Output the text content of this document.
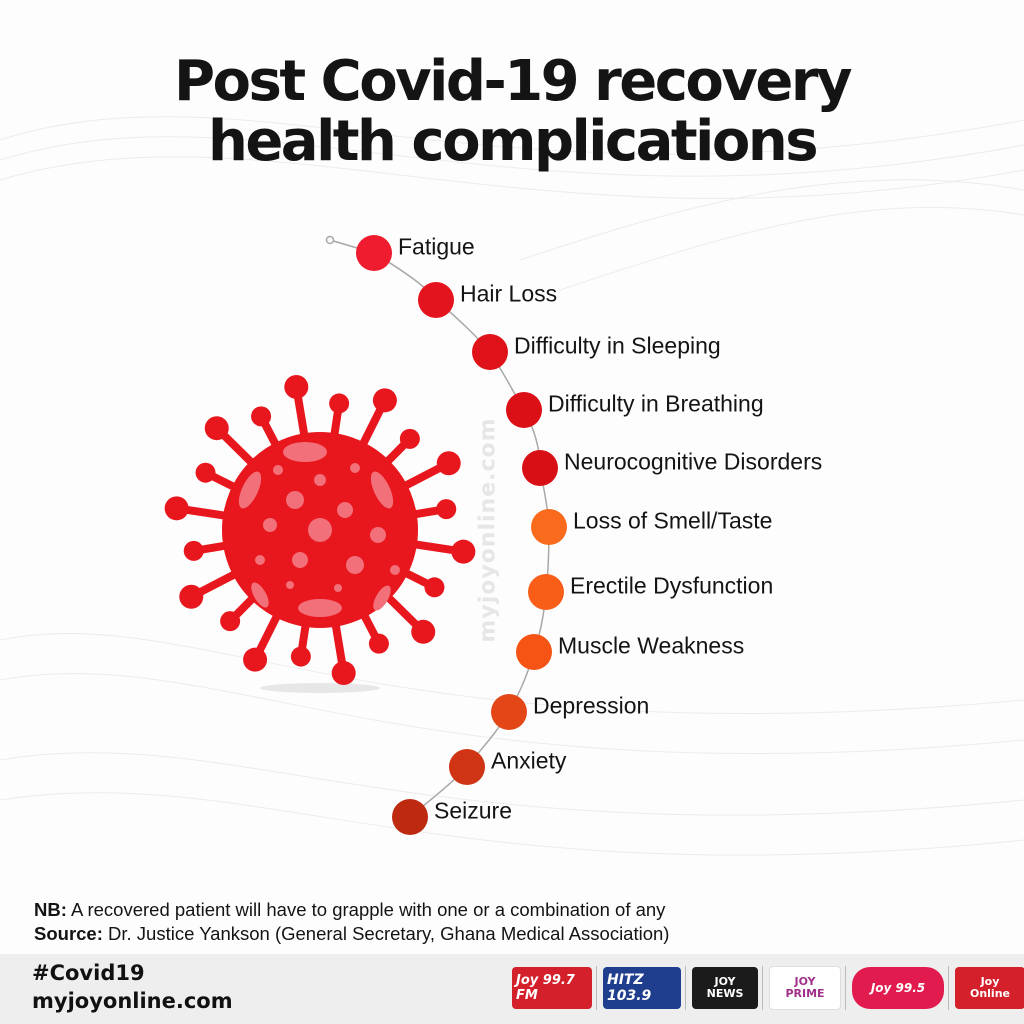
Post Covid-19 recovery
health complications
myjoyonline.com
Fatigue
Hair Loss
Difficulty in Sleeping
Difficulty in Breathing
Neurocognitive Disorders
Loss of Smell/Taste
Erectile Dysfunction
Muscle Weakness
Depression
Anxiety
Seizure
NB: A recovered patient will have to grapple with one or a combination of any
Source: Dr. Justice Yankson (General Secretary, Ghana Medical Association)
#Covid19
myjoyonline.com
Joy 99.7 FM
HITZ 103.9
JOY
NEWS
JOY
PRIME	Joy 99.5	Joy
Online
